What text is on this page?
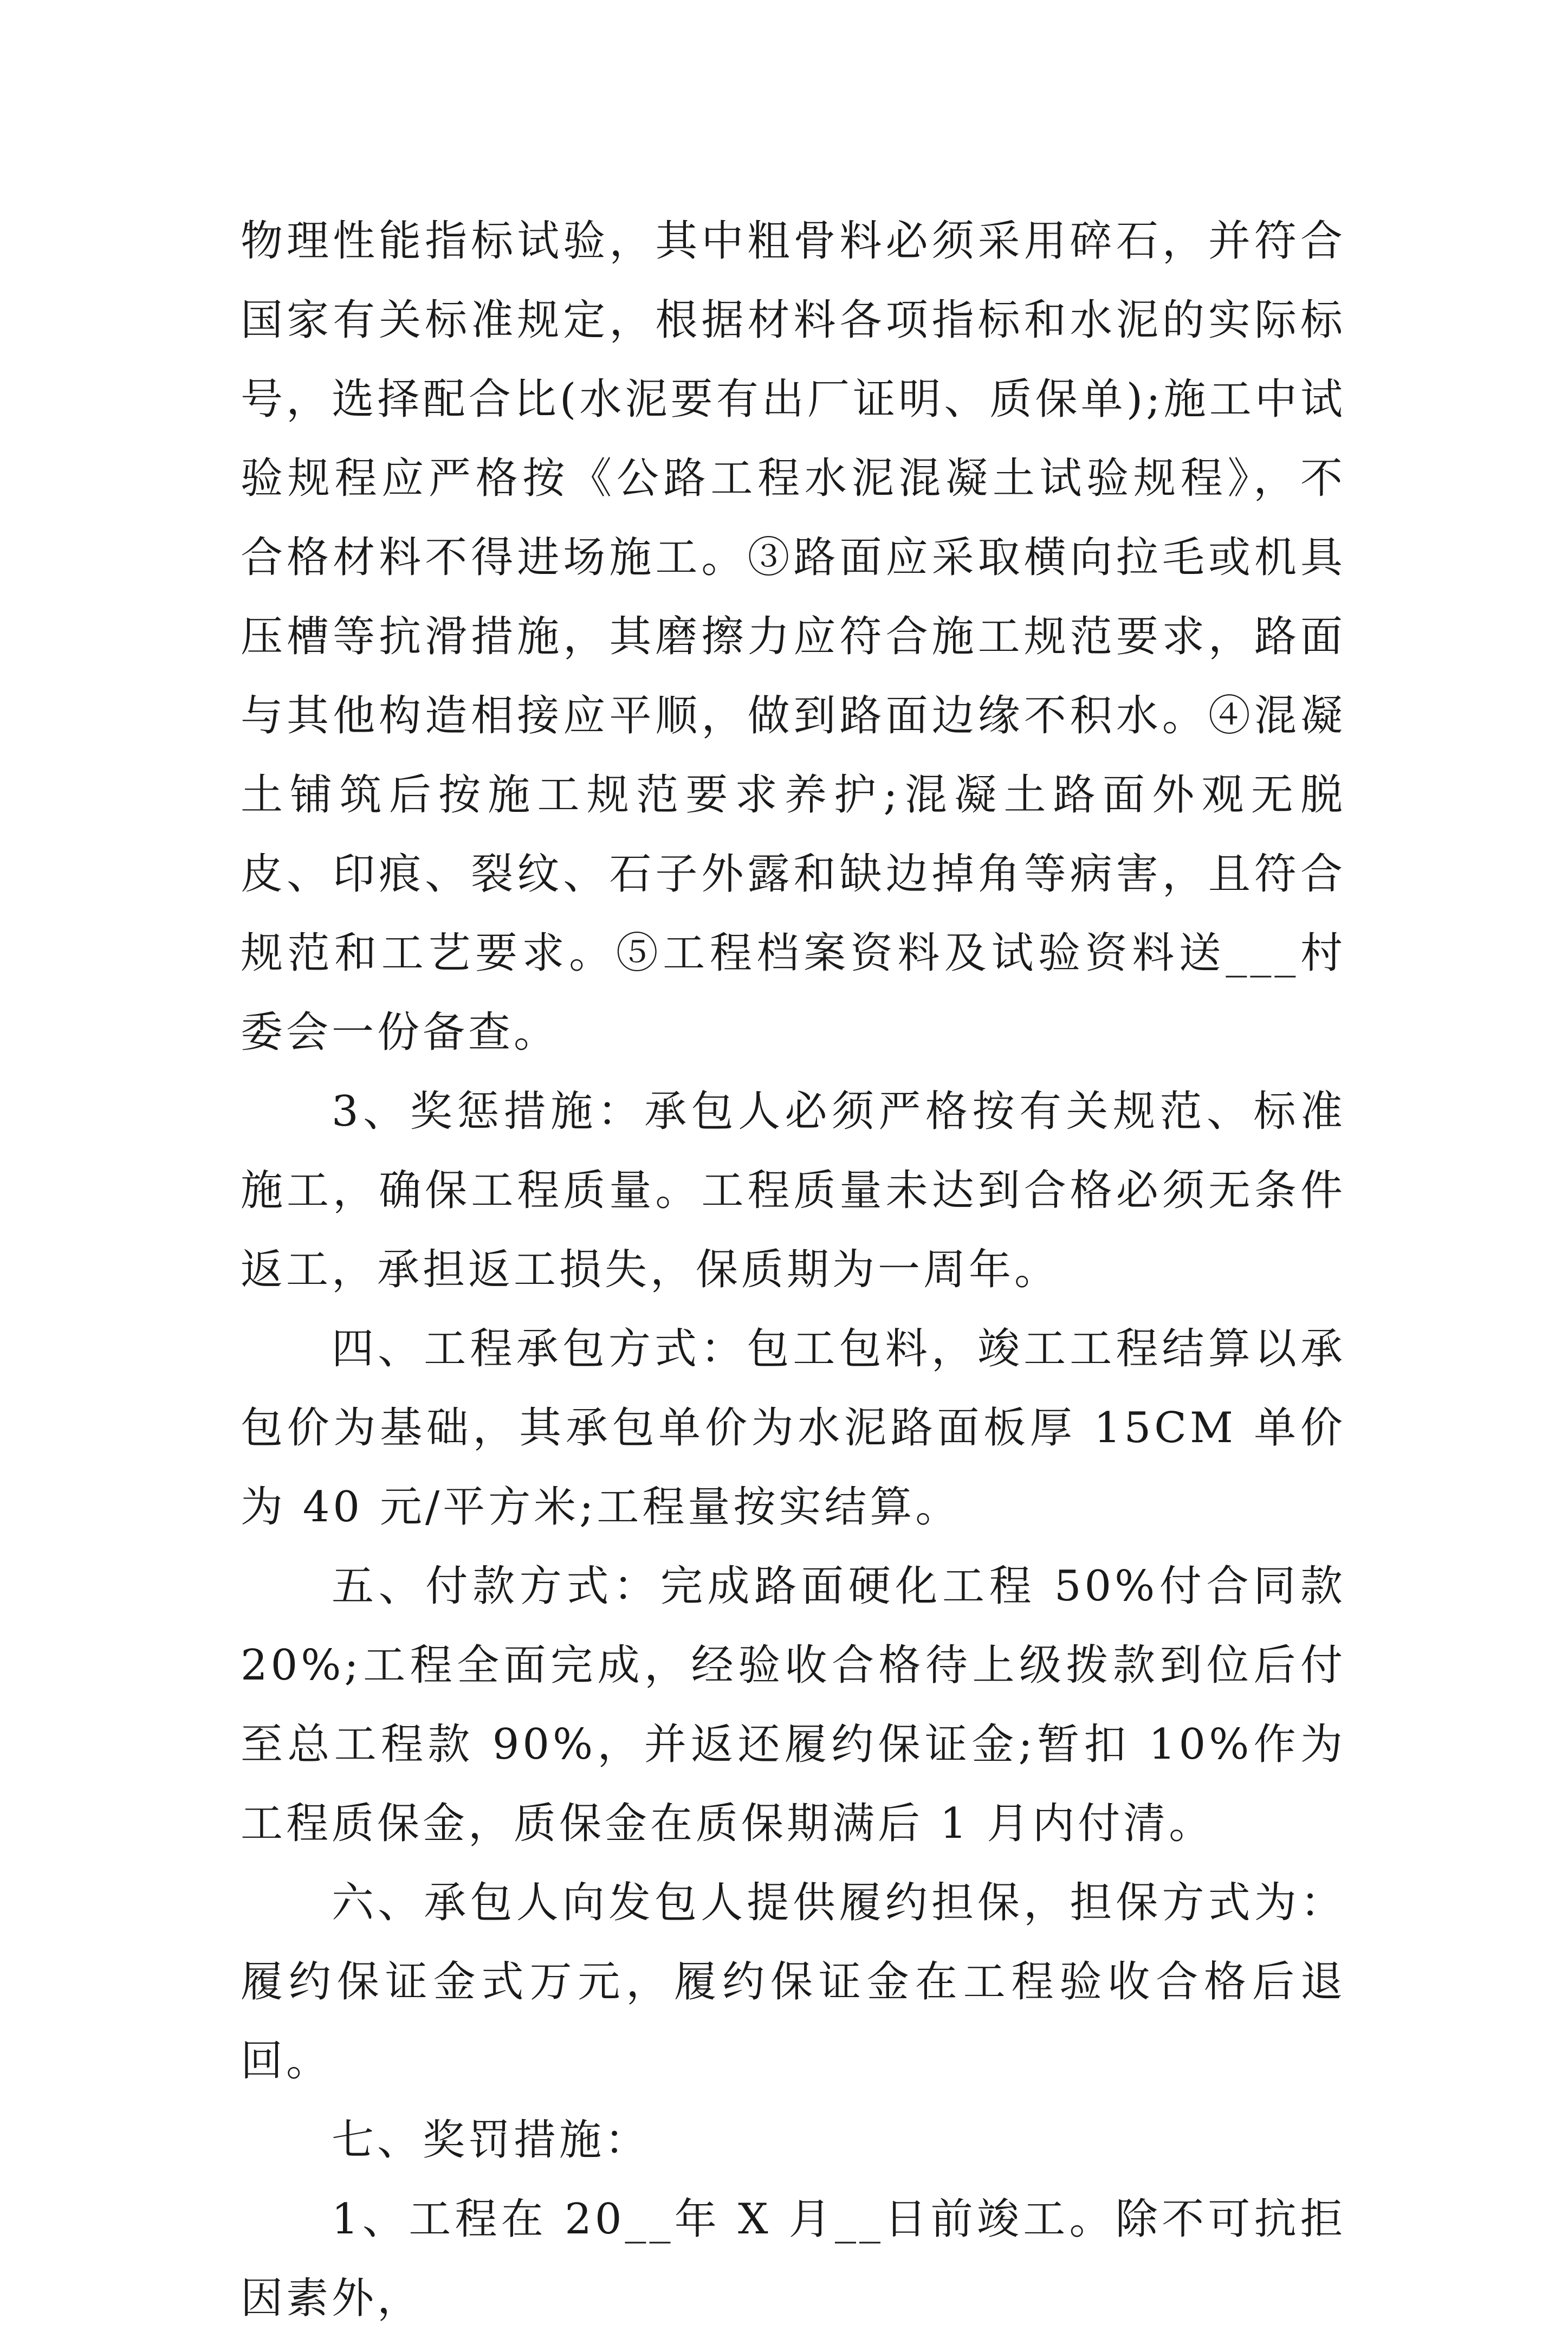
物理性能指标试验，其中粗骨料必须采用碎石，并符合国家有关标准规定，根据材料各项指标和水泥的实际标号，选择配合比(水泥要有出厂证明、质保单);施工中试验规程应严格按《公路工程水泥混凝土试验规程》，不合格材料不得进场施工。③路面应采取横向拉毛或机具压槽等抗滑措施，其磨擦力应符合施工规范要求，路面与其他构造相接应平顺，做到路面边缘不积水。④混凝土铺筑后按施工规范要求养护;混凝土路面外观无脱皮、印痕、裂纹、石子外露和缺边掉角等病害，且符合规范和工艺要求。⑤工程档案资料及试验资料送___村委会一份备查。

3、奖惩措施：承包人必须严格按有关规范、标准施工，确保工程质量。工程质量未达到合格必须无条件返工，承担返工损失，保质期为一周年。

四、工程承包方式：包工包料，竣工工程结算以承包价为基础，其承包单价为水泥路面板厚 15CM 单价为 40 元/平方米;工程量按实结算。

五、付款方式：完成路面硬化工程 50%付合同款 20%;工程全面完成，经验收合格待上级拨款到位后付至总工程款 90%，并返还履约保证金;暂扣 10%作为工程质保金，质保金在质保期满后 1 月内付清。

六、承包人向发包人提供履约担保，担保方式为：履约保证金式万元，履约保证金在工程验收合格后退回。

七、奖罚措施：

1、工程在 20__年 X 月__日前竣工。除不可抗拒因素外，
